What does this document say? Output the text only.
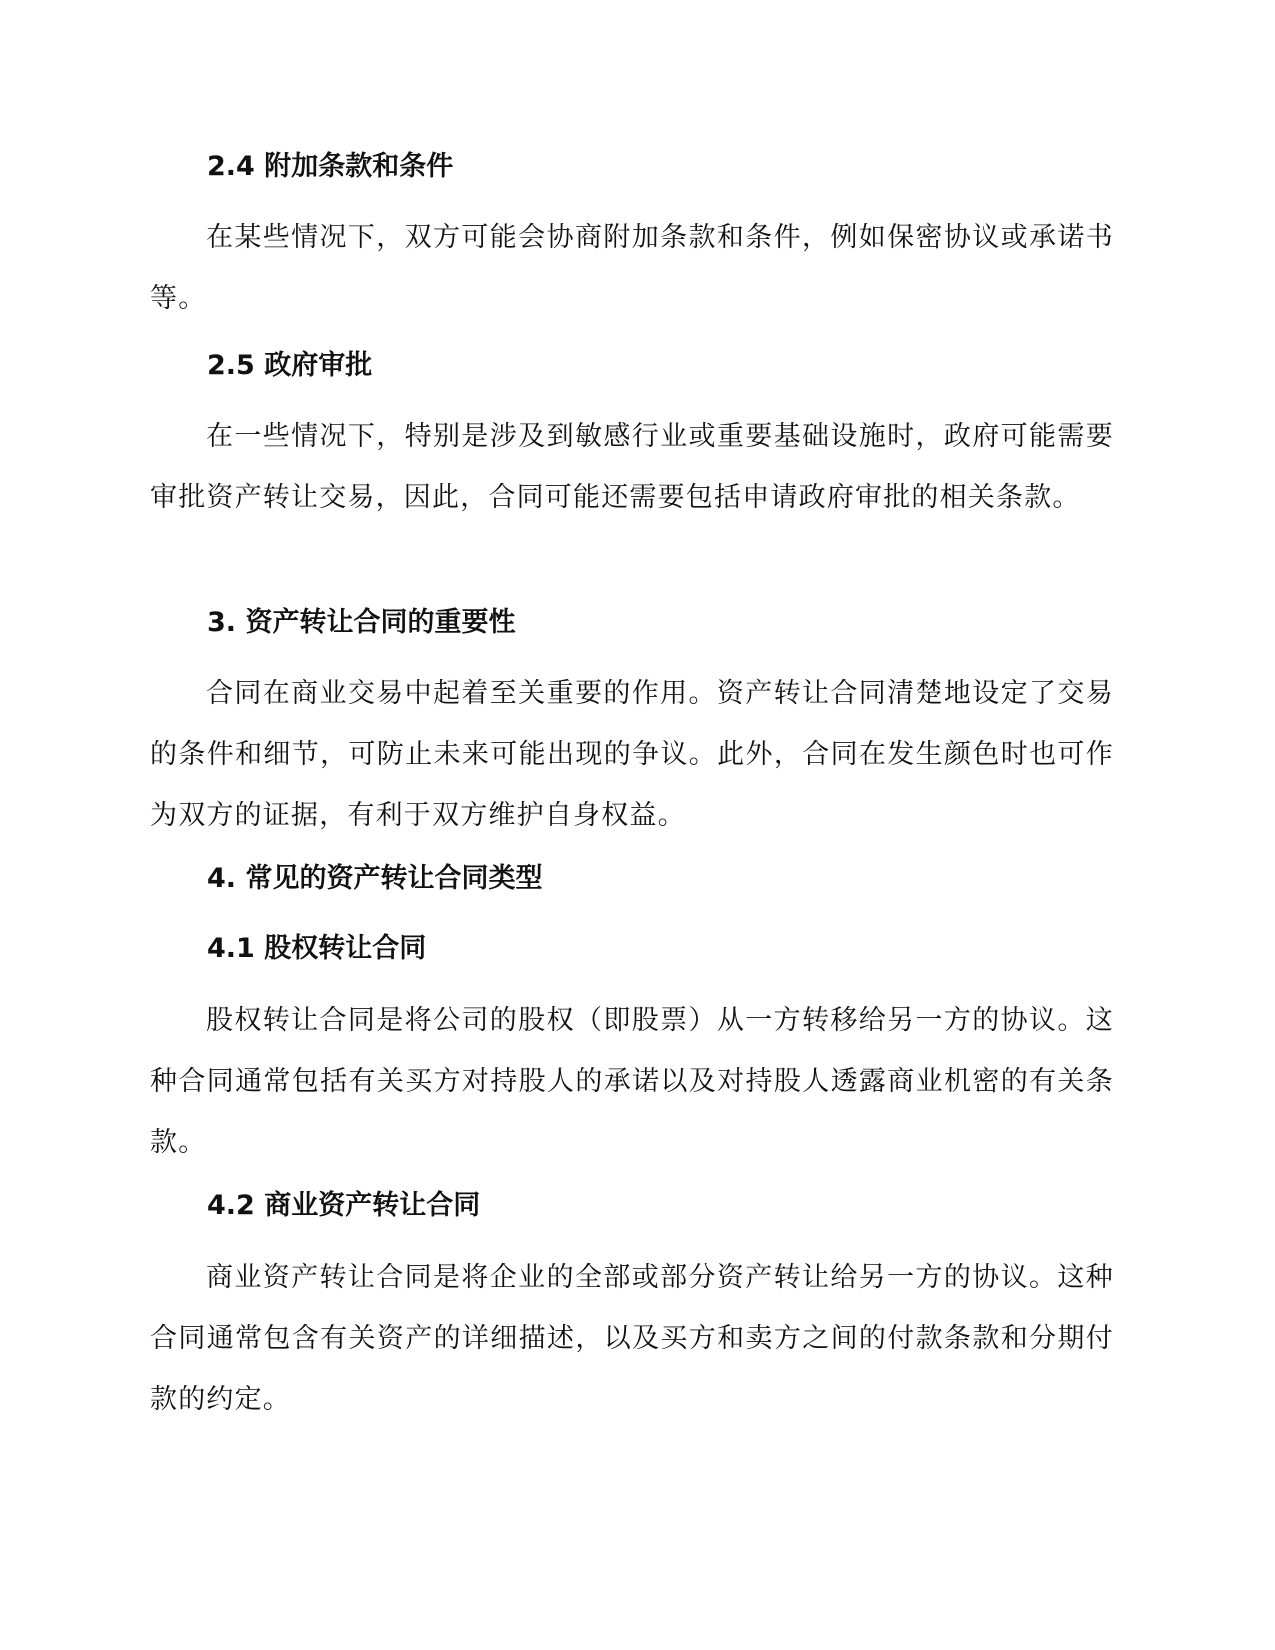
2.4 附加条款和条件

在某些情况下，双方可能会协商附加条款和条件，例如保密协议或承诺书等。

2.5 政府审批

在一些情况下，特别是涉及到敏感行业或重要基础设施时，政府可能需要审批资产转让交易，因此，合同可能还需要包括申请政府审批的相关条款。

3. 资产转让合同的重要性

合同在商业交易中起着至关重要的作用。资产转让合同清楚地设定了交易的条件和细节，可防止未来可能出现的争议。此外，合同在发生颜色时也可作为双方的证据，有利于双方维护自身权益。

4. 常见的资产转让合同类型
4.1 股权转让合同

股权转让合同是将公司的股权（即股票）从一方转移给另一方的协议。这种合同通常包括有关买方对持股人的承诺以及对持股人透露商业机密的有关条款。

4.2 商业资产转让合同

商业资产转让合同是将企业的全部或部分资产转让给另一方的协议。这种合同通常包含有关资产的详细描述，以及买方和卖方之间的付款条款和分期付款的约定。
